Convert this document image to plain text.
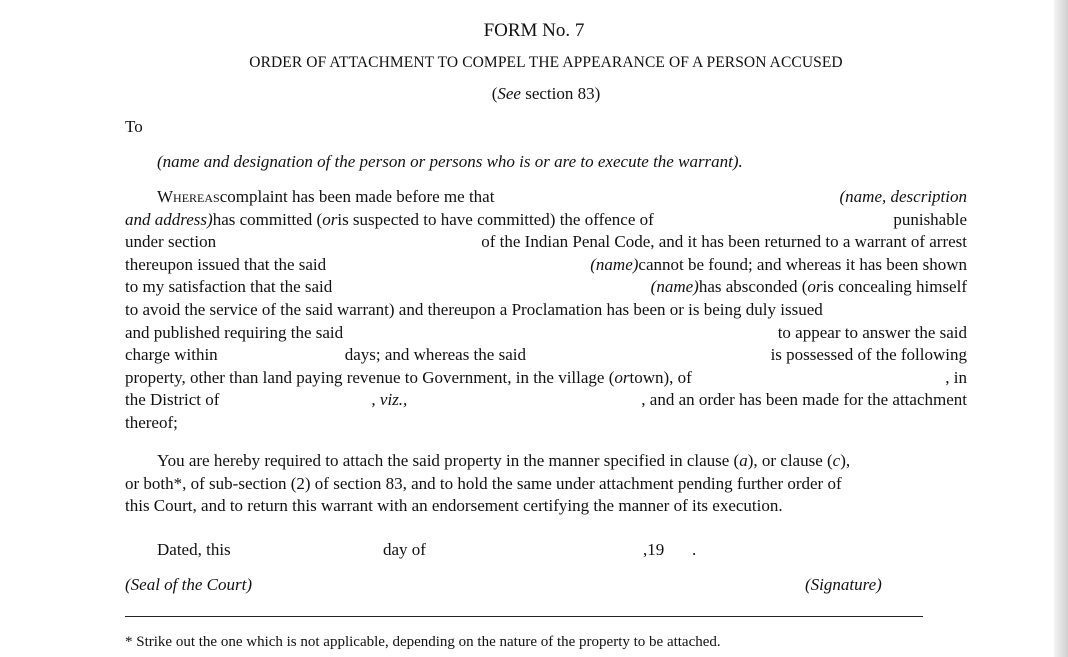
FORM No. 7
ORDER OF ATTACHMENT TO COMPEL THE APPEARANCE OF A PERSON ACCUSED
(See section 83)
To
(name and designation of the person or persons who is or are to execute the warrant).
Whereascomplaint has been made before me that	(name, description
and address)has committed (oris suspected to have committed) the offence of	punishable
under section	of the Indian Penal Code, and it has been returned to a warrant of arrest
thereupon issued that the said	(name)cannot be found; and whereas it has been shown
to my satisfaction that the said	(name)has absconded (oris concealing himself
to avoid the service of the said warrant) and thereupon a Proclamation has been or is being duly issued
and published requiring the said	to appear to answer the said
charge within	days; and whereas the said	is possessed of the following
property, other than land paying revenue to Government, in the village (ortown), of	, in
the District of	, viz.,	, and an order has been made for the attachment
thereof;
You are hereby required to attach the said property in the manner specified in clause (a), or clause (c),
or both*, of sub-section (2) of section 83, and to hold the same under attachment pending further order of
this Court, and to return this warrant with an endorsement certifying the manner of its execution.
Dated, this	day of	,19 .
(Seal of the Court)	(Signature)
* Strike out the one which is not applicable, depending on the nature of the property to be attached.
